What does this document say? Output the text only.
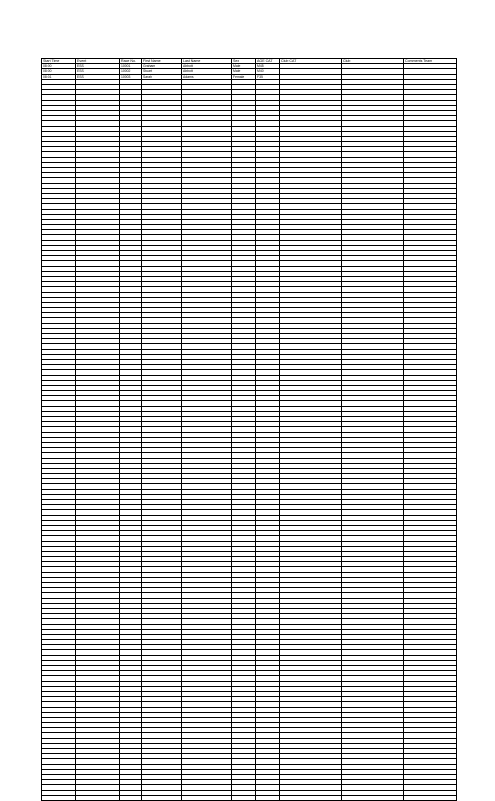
Start Time	Event	Race No.	First Name	Last Name	Sex	AGE CAT	Club CAT	Club	Comments Team
08:00	ESS	10001	Graham	Abbott	Male	M45			
08:00	ESS	10002	Stuart	Abbott	Male	M40			
08:01	ESS	10003	Sarah	Adams	Female	F35			
